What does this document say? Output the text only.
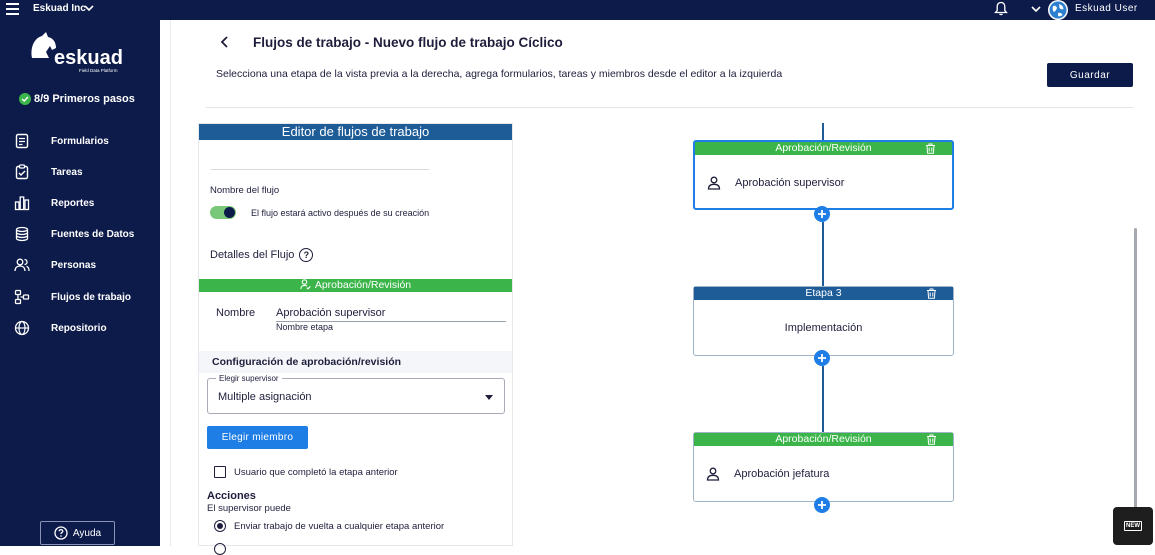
Eskuad Inc	Eskuad User
eskuad
Field Data Platform
8/9 Primeros pasos
Formularios
Tareas
Reportes
Fuentes de Datos
Personas
Flujos de trabajo
Repositorio
Ayuda
Flujos de trabajo - Nuevo flujo de trabajo Cíclico
Selecciona una etapa de la vista previa a la derecha, agrega formularios, tareas y miembros desde el editor a la izquierda	Guardar
Editor de flujos de trabajo
Nombre del flujo
El flujo estará activo después de su creación
Detalles del Flujo	?
Aprobación/Revisión
Nombre Aprobación supervisor
Nombre etapa
Configuración de aprobación/revisión
Elegir supervisor
Multiple asignación
Elegir miembro
Usuario que completó la etapa anterior
Acciones
El supervisor puede
Enviar trabajo de vuelta a cualquier etapa anterior
Aprobación/Revisión
Aprobación supervisor
Etapa 3
Implementación
Aprobación/Revisión
Aprobación jefatura
NEW
